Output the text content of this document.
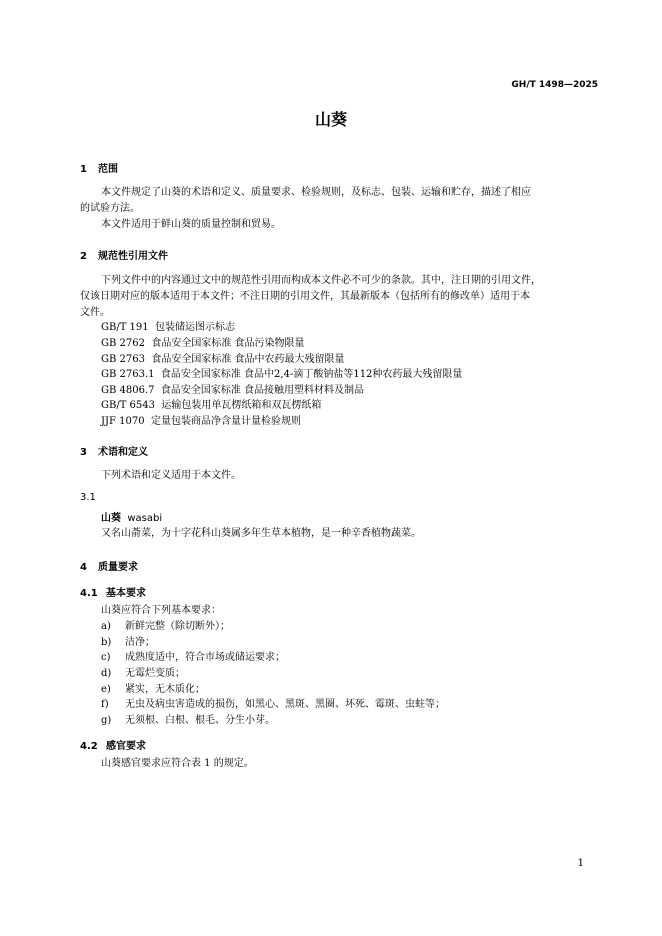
GH/T 1498—2025
山葵
1 范围
本文件规定了山葵的术语和定义、质量要求、检验规则，及标志、包装、运输和贮存，描述了相应
的试验方法。
本文件适用于鲜山葵的质量控制和贸易。
2 规范性引用文件
下列文件中的内容通过文中的规范性引用而构成本文件必不可少的条款。其中，注日期的引用文件，
仅该日期对应的版本适用于本文件；不注日期的引用文件，其最新版本（包括所有的修改单）适用于本
文件。
GB/T 191 包装储运图示标志
GB 2762 食品安全国家标准 食品污染物限量
GB 2763 食品安全国家标准 食品中农药最大残留限量
GB 2763.1 食品安全国家标准 食品中2,4-滴丁酸钠盐等112种农药最大残留限量
GB 4806.7 食品安全国家标准 食品接触用塑料材料及制品
GB/T 6543 运输包装用单瓦楞纸箱和双瓦楞纸箱
JJF 1070 定量包装商品净含量计量检验规则
3 术语和定义
下列术语和定义适用于本文件。
3.1
山葵 wasabi
又名山萮菜，为十字花科山葵属多年生草本植物，是一种辛香植物蔬菜。
4 质量要求
4.1 基本要求
山葵应符合下列基本要求：
a) 新鲜完整（除切断外）；
b) 洁净；
c) 成熟度适中，符合市场或储运要求；
d) 无霉烂变质；
e) 紧实，无木质化；
f) 无虫及病虫害造成的损伤，如黑心、黑斑、黑圈、坏死、霉斑、虫蛀等；
g) 无须根、白根、根毛、分生小芽。
4.2 感官要求
山葵感官要求应符合表 1 的规定。
1
